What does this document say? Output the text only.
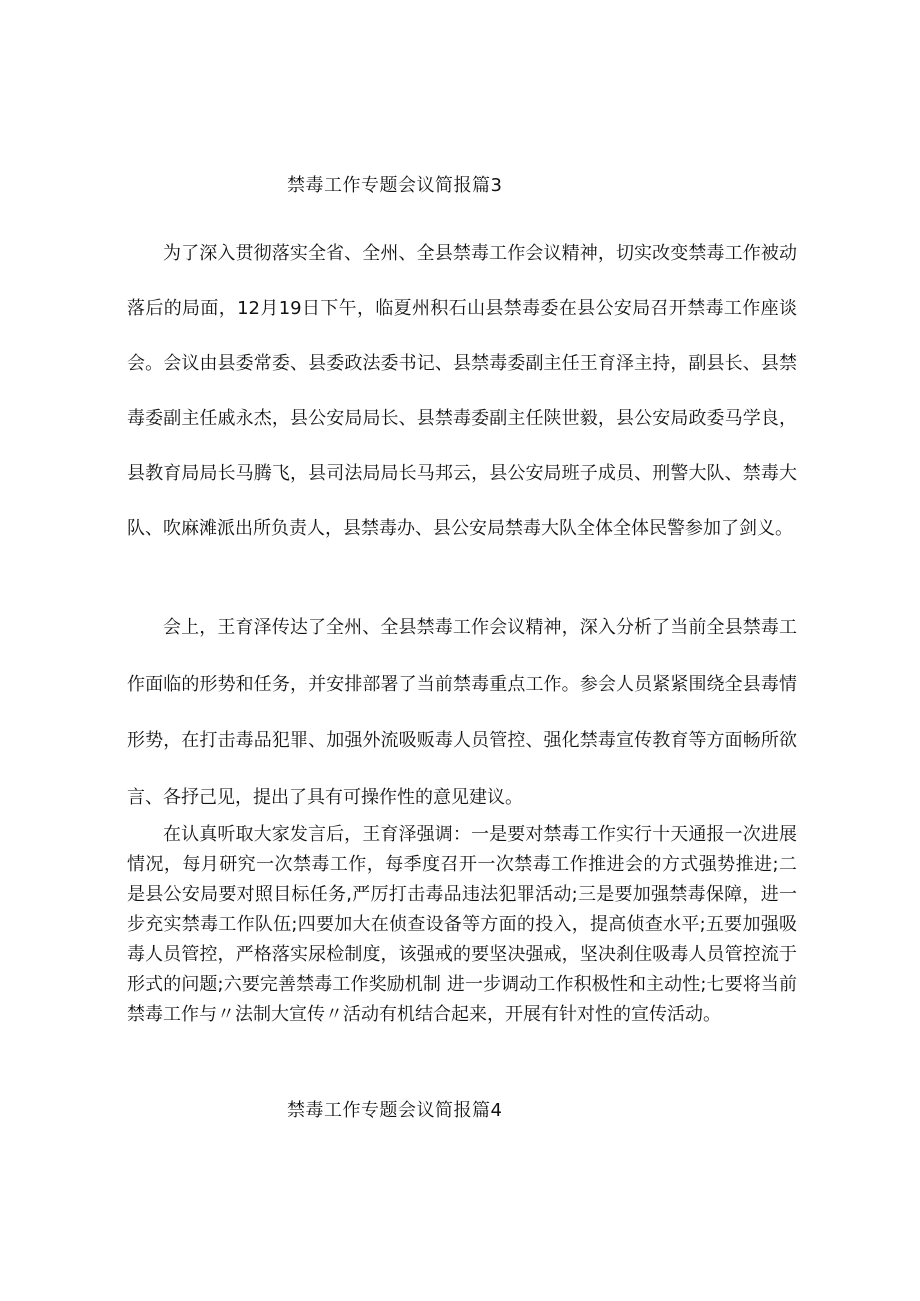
禁毒工作专题会议简报篇3

为了深入贯彻落实全省、全州、全县禁毒工作会议精神，切实改变禁毒工作被动落后的局面，12月19日下午，临夏州积石山县禁毒委在县公安局召开禁毒工作座谈会。会议由县委常委、县委政法委书记、县禁毒委副主任王育泽主持，副县长、县禁毒委副主任戚永杰，县公安局局长、县禁毒委副主任陕世毅，县公安局政委马学良，县教育局局长马腾飞，县司法局局长马邦云，县公安局班子成员、刑警大队、禁毒大队、吹麻滩派出所负责人，县禁毒办、县公安局禁毒大队全体全体民警参加了剑义。

会上，王育泽传达了全州、全县禁毒工作会议精神，深入分析了当前全县禁毒工作面临的形势和任务，并安排部署了当前禁毒重点工作。参会人员紧紧围绕全县毒情形势，在打击毒品犯罪、加强外流吸贩毒人员管控、强化禁毒宣传教育等方面畅所欲言、各抒己见，提出了具有可操作性的意见建议。

在认真听取大家发言后，王育泽强调：一是要对禁毒工作实行十天通报一次进展情况，每月研究一次禁毒工作，每季度召开一次禁毒工作推进会的方式强势推进;二是县公安局要对照目标任务,严厉打击毒品违法犯罪活动;三是要加强禁毒保障，进一步充实禁毒工作队伍;四要加大在侦查设备等方面的投入，提高侦查水平;五要加强吸毒人员管控，严格落实尿检制度，该强戒的要坚决强戒，坚决刹住吸毒人员管控流于形式的问题;六要完善禁毒工作奖励机制 进一步调动工作积极性和主动性;七要将当前禁毒工作与〃法制大宣传〃活动有机结合起来，开展有针对性的宣传活动。

禁毒工作专题会议简报篇4
